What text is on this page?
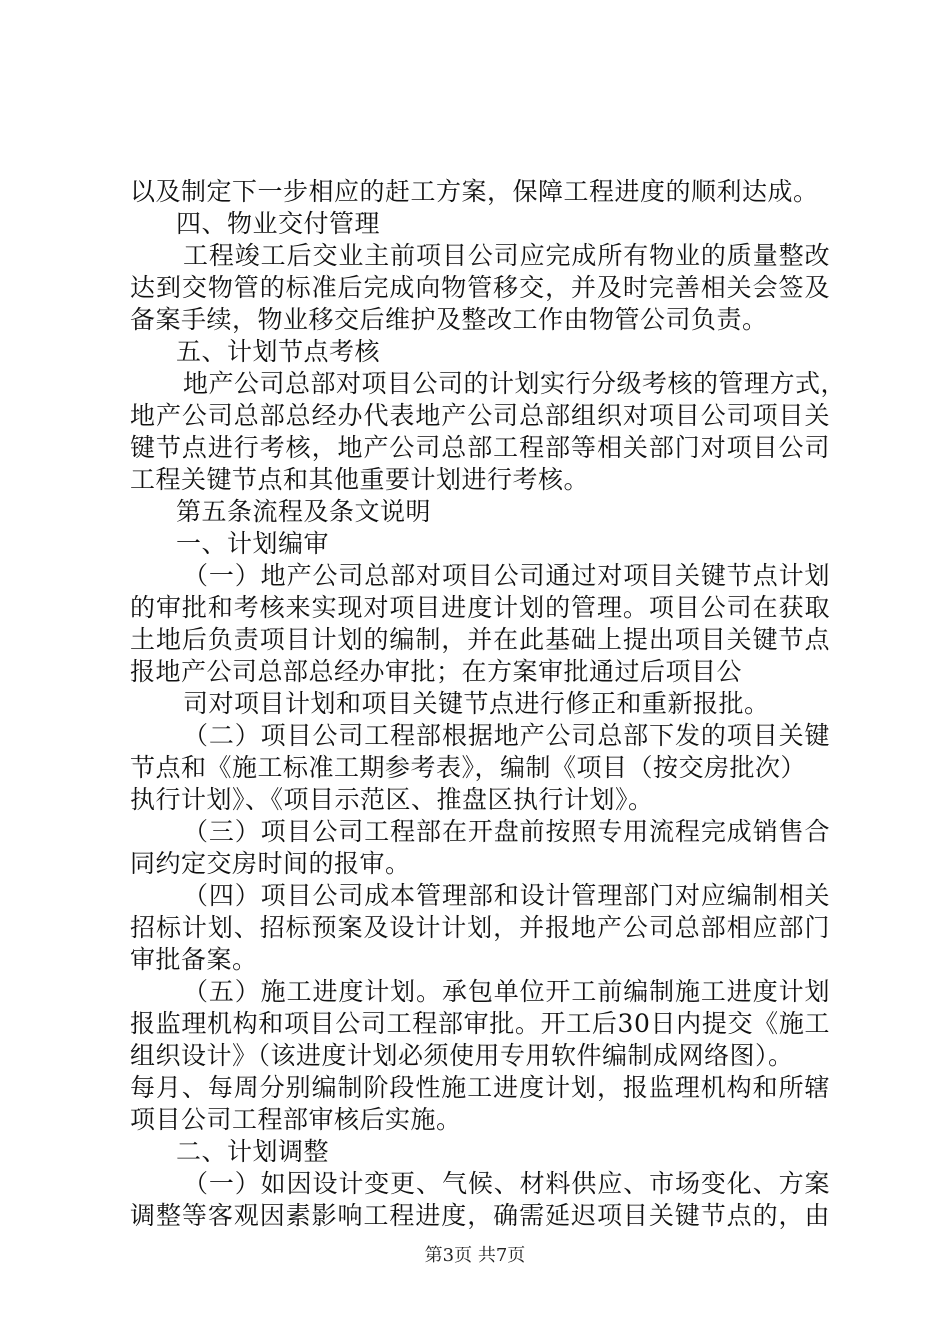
以及制定下一步相应的赶工方案，保障工程进度的顺利达成。
四、物业交付管理
工程竣工后交业主前项目公司应完成所有物业的质量整改
达到交物管的标准后完成向物管移交，并及时完善相关会签及
备案手续，物业移交后维护及整改工作由物管公司负责。
五、计划节点考核
地产公司总部对项目公司的计划实行分级考核的管理方式，
地产公司总部总经办代表地产公司总部组织对项目公司项目关
键节点进行考核，地产公司总部工程部等相关部门对项目公司
工程关键节点和其他重要计划进行考核。
第五条流程及条文说明
一、计划编审
（一）地产公司总部对项目公司通过对项目关键节点计划
的审批和考核来实现对项目进度计划的管理。项目公司在获取
土地后负责项目计划的编制，并在此基础上提出项目关键节点
报地产公司总部总经办审批；在方案审批通过后项目公
司对项目计划和项目关键节点进行修正和重新报批。
（二）项目公司工程部根据地产公司总部下发的项目关键
节点和《施工标准工期参考表》，编制《项目（按交房批次）
执行计划》、《项目示范区、推盘区执行计划》。
（三）项目公司工程部在开盘前按照专用流程完成销售合
同约定交房时间的报审。
（四）项目公司成本管理部和设计管理部门对应编制相关
招标计划、招标预案及设计计划，并报地产公司总部相应部门
审批备案。
（五）施工进度计划。承包单位开工前编制施工进度计划
报监理机构和项目公司工程部审批。开工后30日内提交《施工
组织设计》（该进度计划必须使用专用软件编制成网络图）。
每月、每周分别编制阶段性施工进度计划，报监理机构和所辖
项目公司工程部审核后实施。
二、计划调整
（一）如因设计变更、气候、材料供应、市场变化、方案
调整等客观因素影响工程进度，确需延迟项目关键节点的，由
第3页 共7页
